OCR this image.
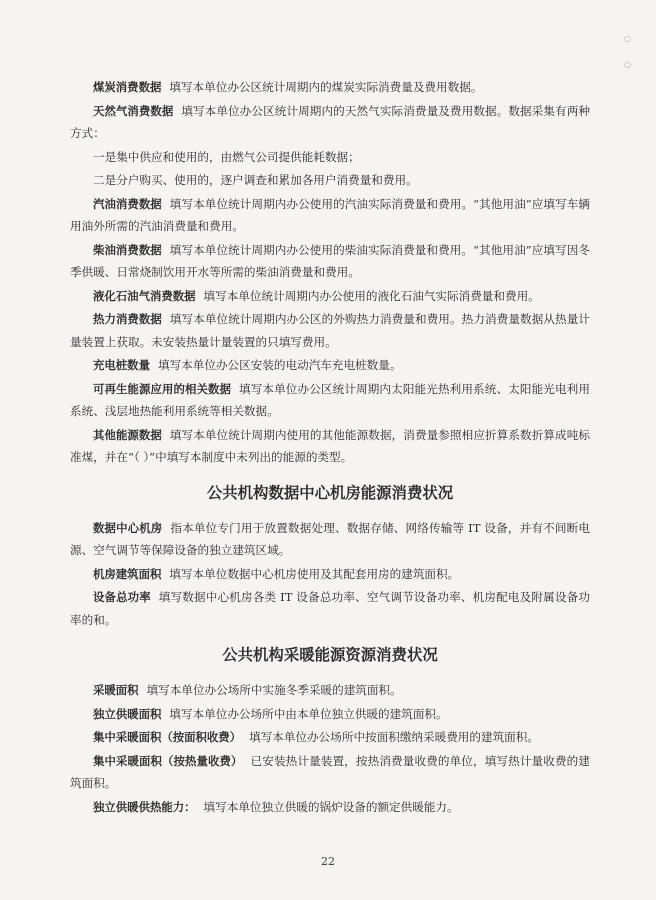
○
○

煤炭消费数据 填写本单位办公区统计周期内的煤炭实际消费量及费用数据。

天然气消费数据 填写本单位办公区统计周期内的天然气实际消费量及费用数据。数据采集有两种方式：

一是集中供应和使用的，由燃气公司提供能耗数据；

二是分户购买、使用的，逐户调查和累加各用户消费量和费用。

汽油消费数据 填写本单位统计周期内办公使用的汽油实际消费量和费用。“其他用油”应填写车辆用油外所需的汽油消费量和费用。

柴油消费数据 填写本单位统计周期内办公使用的柴油实际消费量和费用。“其他用油”应填写因冬季供暖、日常烧制饮用开水等所需的柴油消费量和费用。

液化石油气消费数据 填写本单位统计周期内办公使用的液化石油气实际消费量和费用。

热力消费数据 填写本单位统计周期内办公区的外购热力消费量和费用。热力消费量数据从热量计量装置上获取。未安装热量计量装置的只填写费用。

充电桩数量 填写本单位办公区安装的电动汽车充电桩数量。

可再生能源应用的相关数据 填写本单位办公区统计周期内太阳能光热利用系统、太阳能光电利用系统、浅层地热能利用系统等相关数据。

其他能源数据 填写本单位统计周期内使用的其他能源数据，消费量参照相应折算系数折算成吨标准煤，并在“（ ）”中填写本制度中未列出的能源的类型。

公共机构数据中心机房能源消费状况

数据中心机房 指本单位专门用于放置数据处理、数据存储、网络传输等 IT 设备，并有不间断电源、空气调节等保障设备的独立建筑区域。

机房建筑面积 填写本单位数据中心机房使用及其配套用房的建筑面积。

设备总功率 填写数据中心机房各类 IT 设备总功率、空气调节设备功率、机房配电及附属设备功率的和。

公共机构采暖能源资源消费状况

采暖面积 填写本单位办公场所中实施冬季采暖的建筑面积。

独立供暖面积 填写本单位办公场所中由本单位独立供暖的建筑面积。

集中采暖面积（按面积收费） 填写本单位办公场所中按面积缴纳采暖费用的建筑面积。

集中采暖面积（按热量收费） 已安装热计量装置，按热消费量收费的单位，填写热计量收费的建筑面积。

独立供暖供热能力： 填写本单位独立供暖的锅炉设备的额定供暖能力。

22
